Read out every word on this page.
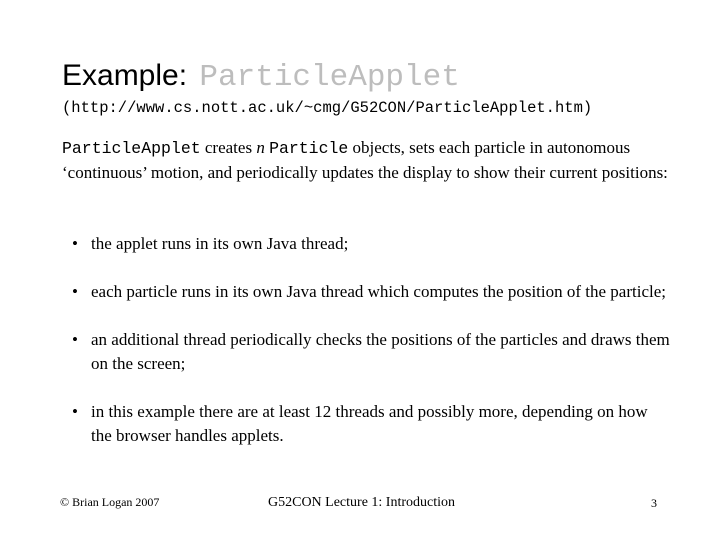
Example: ParticleApplet
(http://www.cs.nott.ac.uk/~cmg/G52CON/ParticleApplet.htm)
ParticleApplet creates n Particle objects, sets each particle in autonomous ‘continuous’ motion, and periodically updates the display to show their current positions:
• the applet runs in its own Java thread;
• each particle runs in its own Java thread which computes the position of the particle;
• an additional thread periodically checks the positions of the particles and draws them on the screen;
• in this example there are at least 12 threads and possibly more, depending on how the browser handles applets.
© Brian Logan 2007	G52CON Lecture 1: Introduction	3
